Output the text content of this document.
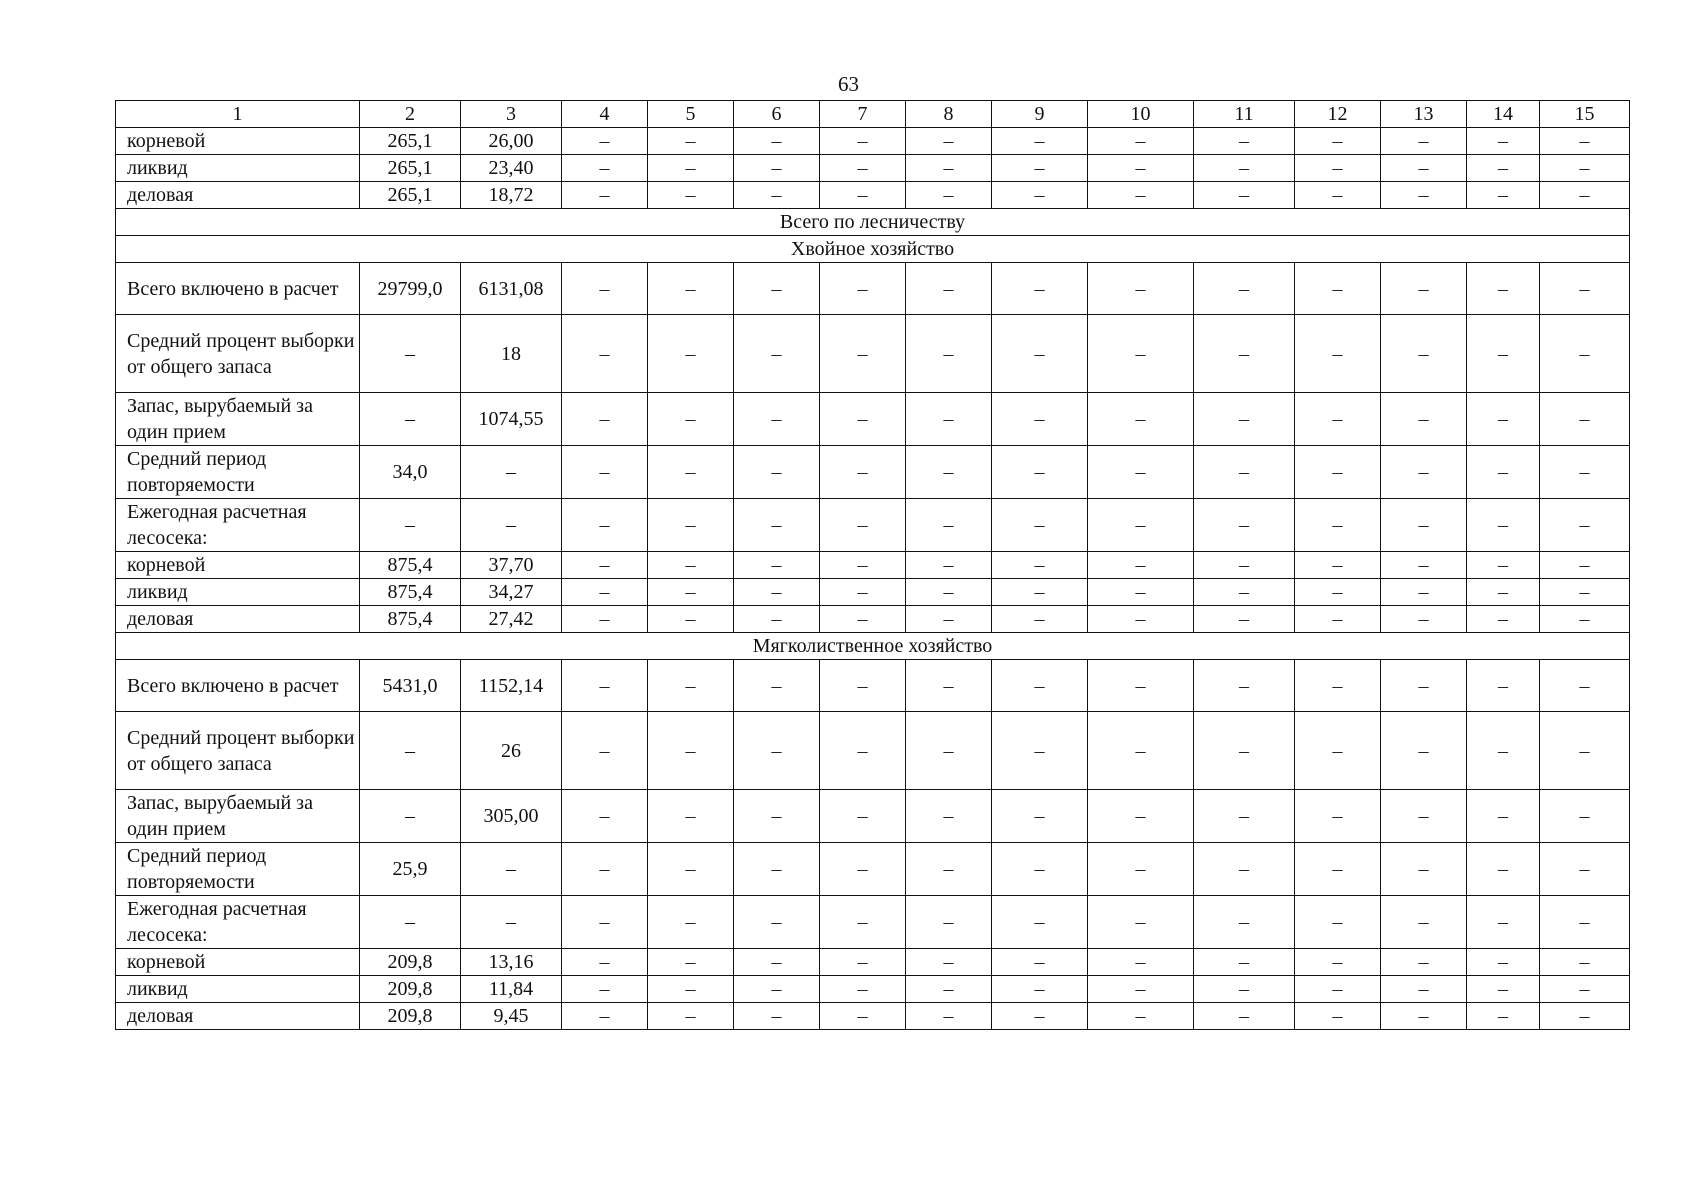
63
1	2	3	4	5	6	7	8	9	10	11	12	13	14	15
корневой	265,1	26,00	–	–	–	–	–	–	–	–	–	–	–	–
ликвид	265,1	23,40	–	–	–	–	–	–	–	–	–	–	–	–
деловая	265,1	18,72	–	–	–	–	–	–	–	–	–	–	–	–
Всего по лесничеству														
Хвойное хозяйство														
Всего включено в расчет	29799,0	6131,08	–	–	–	–	–	–	–	–	–	–	–	–
Средний процент выборки от общего запаса	–	18	–	–	–	–	–	–	–	–	–	–	–	–
Запас, вырубаемый за один прием	–	1074,55	–	–	–	–	–	–	–	–	–	–	–	–
Средний период повторяемости	34,0	–	–	–	–	–	–	–	–	–	–	–	–	–
Ежегодная расчетная лесосека:	–	–	–	–	–	–	–	–	–	–	–	–	–	–
корневой	875,4	37,70	–	–	–	–	–	–	–	–	–	–	–	–
ликвид	875,4	34,27	–	–	–	–	–	–	–	–	–	–	–	–
деловая	875,4	27,42	–	–	–	–	–	–	–	–	–	–	–	–
Мягколиственное хозяйство														
Всего включено в расчет	5431,0	1152,14	–	–	–	–	–	–	–	–	–	–	–	–
Средний процент выборки от общего запаса	–	26	–	–	–	–	–	–	–	–	–	–	–	–
Запас, вырубаемый за один прием	–	305,00	–	–	–	–	–	–	–	–	–	–	–	–
Средний период повторяемости	25,9	–	–	–	–	–	–	–	–	–	–	–	–	–
Ежегодная расчетная лесосека:	–	–	–	–	–	–	–	–	–	–	–	–	–	–
корневой	209,8	13,16	–	–	–	–	–	–	–	–	–	–	–	–
ликвид	209,8	11,84	–	–	–	–	–	–	–	–	–	–	–	–
деловая	209,8	9,45	–	–	–	–	–	–	–	–	–	–	–	–
